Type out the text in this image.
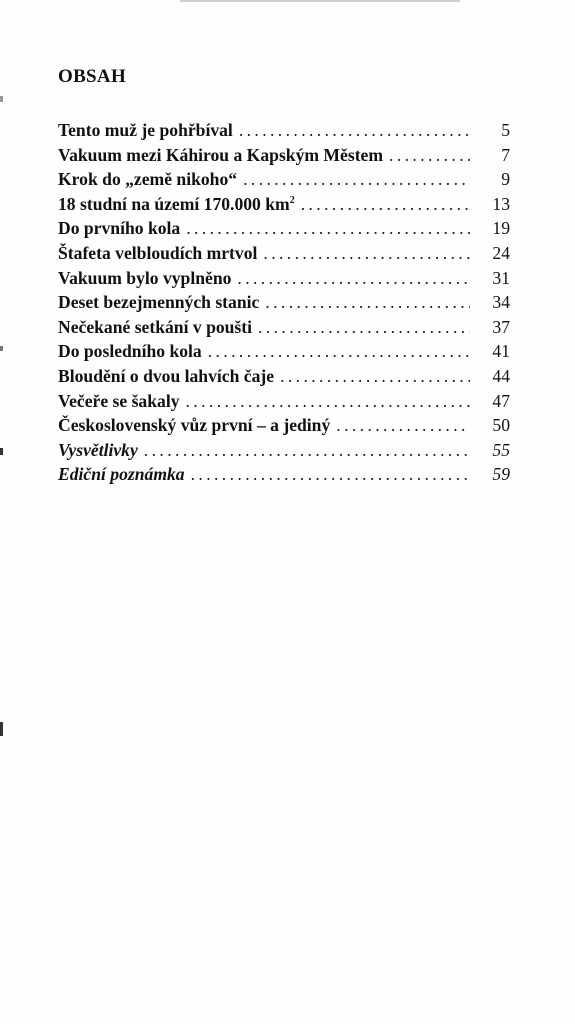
OBSAH
Tento muž je pohřbíval . . .	5
Vakuum mezi Káhirou a Kapským Městem . . .	7
Krok do „země nikoho“ . . .	9
18 studní na území 170.000 $km^2$ . . .	13
Do prvního kola . . .	19
Štafeta velbloudích mrtvol . . .	24
Vakuum bylo vyplněno . . .	31
Deset bezejmenných stanic . . .	34
Nečekané setkání v poušti . . .	37
Do posledního kola . . .	41
Bloudění o dvou lahvích čaje . . .	44
Večeře se šakaly . . .	47
Československý vůz první – a jediný . . .	50
Vysvětlivky . . .	55
Ediční poznámka . . .	59
